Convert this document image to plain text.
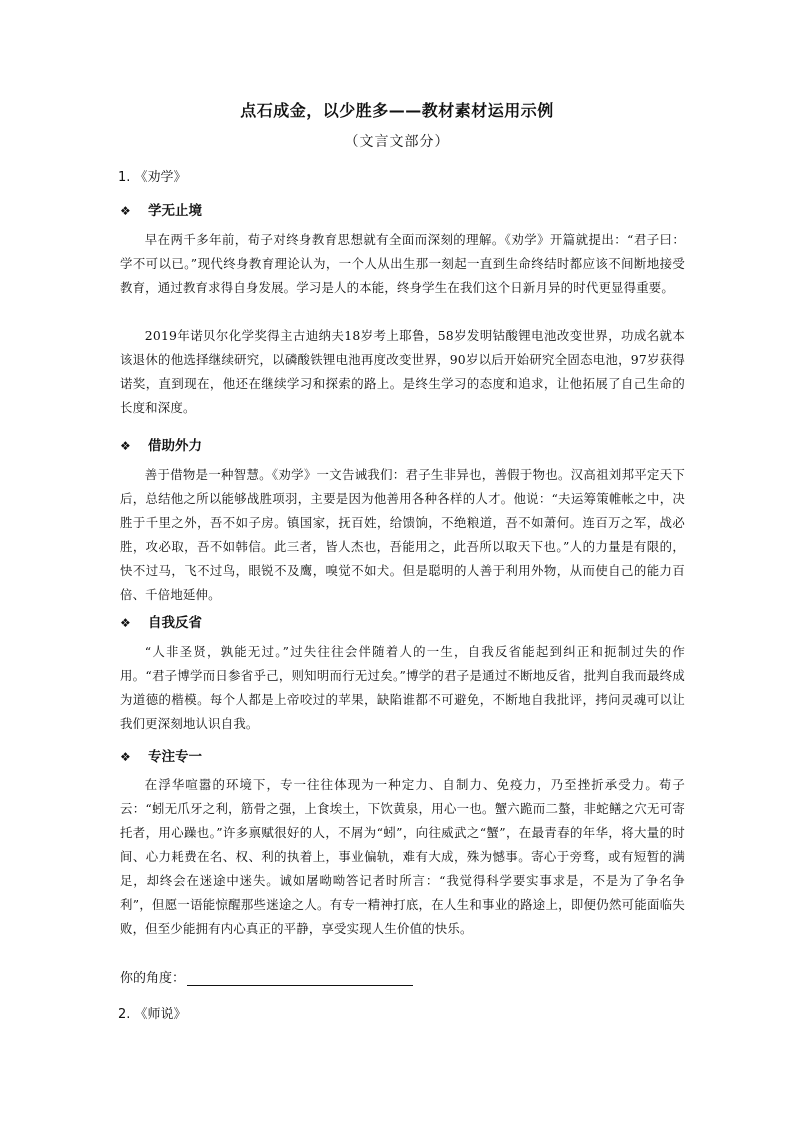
点石成金，以少胜多——教材素材运用示例
（文言文部分）
1. 《劝学》
❖ 学无止境

早在两千多年前，荀子对终身教育思想就有全面而深刻的理解。《劝学》开篇就提出：“君子曰：学不可以已。”现代终身教育理论认为，一个人从出生那一刻起一直到生命终结时都应该不间断地接受教育，通过教育求得自身发展。学习是人的本能，终身学生在我们这个日新月异的时代更显得重要。

2019年诺贝尔化学奖得主古迪纳夫18岁考上耶鲁，58岁发明钴酸锂电池改变世界，功成名就本该退休的他选择继续研究，以磷酸铁锂电池再度改变世界，90岁以后开始研究全固态电池，97岁获得诺奖，直到现在，他还在继续学习和探索的路上。是终生学习的态度和追求，让他拓展了自己生命的长度和深度。

❖ 借助外力

善于借物是一种智慧。《劝学》一文告诫我们：君子生非异也，善假于物也。汉高祖刘邦平定天下后，总结他之所以能够战胜项羽，主要是因为他善用各种各样的人才。他说：“夫运筹策帷帐之中，决胜于千里之外，吾不如子房。镇国家，抚百姓，给馈饷，不绝粮道，吾不如萧何。连百万之军，战必胜，攻必取，吾不如韩信。此三者，皆人杰也，吾能用之，此吾所以取天下也。”人的力量是有限的，快不过马，飞不过鸟，眼锐不及鹰，嗅觉不如犬。但是聪明的人善于利用外物，从而使自己的能力百倍、千倍地延伸。

❖ 自我反省

“人非圣贤，孰能无过。”过失往往会伴随着人的一生，自我反省能起到纠正和扼制过失的作用。“君子博学而日参省乎己，则知明而行无过矣。”博学的君子是通过不断地反省，批判自我而最终成为道德的楷模。每个人都是上帝咬过的苹果，缺陷谁都不可避免，不断地自我批评，拷问灵魂可以让我们更深刻地认识自我。

❖ 专注专一

在浮华喧嚣的环境下，专一往往体现为一种定力、自制力、免疫力，乃至挫折承受力。荀子云：“蚓无爪牙之利，筋骨之强，上食埃土，下饮黄泉，用心一也。蟹六跪而二螯，非蛇鳝之穴无可寄托者，用心躁也。”许多禀赋很好的人，不屑为“蚓”，向往威武之“蟹”，在最青春的年华，将大量的时间、心力耗费在名、权、利的执着上，事业偏轨，难有大成，殊为憾事。寄心于旁骛，或有短暂的满足，却终会在迷途中迷失。诚如屠呦呦答记者时所言：“我觉得科学要实事求是，不是为了争名争利”，但愿一语能惊醒那些迷途之人。有专一精神打底，在人生和事业的路途上，即便仍然可能面临失败，但至少能拥有内心真正的平静，享受实现人生价值的快乐。

你的角度：
2. 《师说》
